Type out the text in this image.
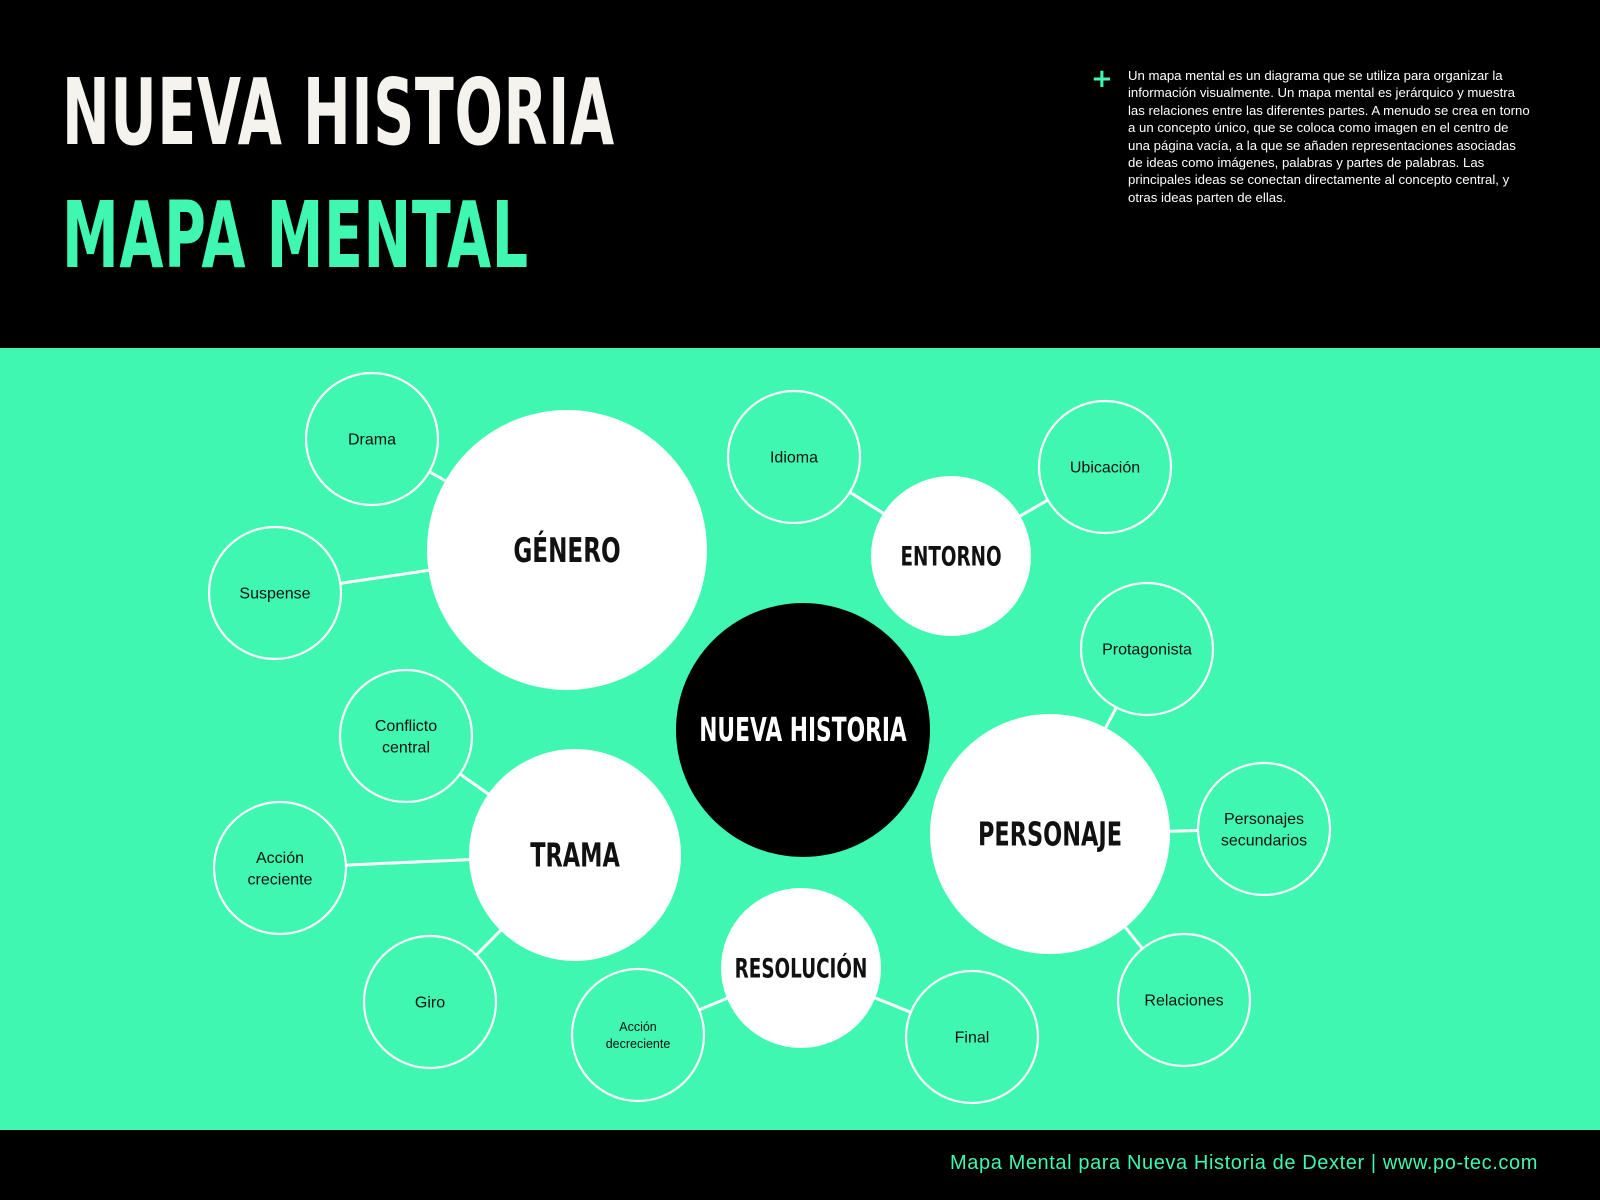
NUEVA HISTORIA
MAPA MENTAL
+ Un mapa mental es un diagrama que se utiliza para organizar la información visualmente. Un mapa mental es jerárquico y muestra las relaciones entre las diferentes partes. A menudo se crea en torno a un concepto único, que se coloca como imagen en el centro de una página vacía, a la que se añaden representaciones asociadas de ideas como imágenes, palabras y partes de palabras. Las principales ideas se conectan directamente al concepto central, y otras ideas parten de ellas.

Drama
Suspense
Idioma
Ubicación
Protagonista
Personajes secundarios
Relaciones
Conflicto central
Acción creciente
Giro
Acción decreciente	Final
GÉNERO	ENTORNO
PERSONAJE
TRAMA
RESOLUCIÓN
NUEVA HISTORIA

Mapa Mental para Nueva Historia de Dexter | www.po-tec.com
